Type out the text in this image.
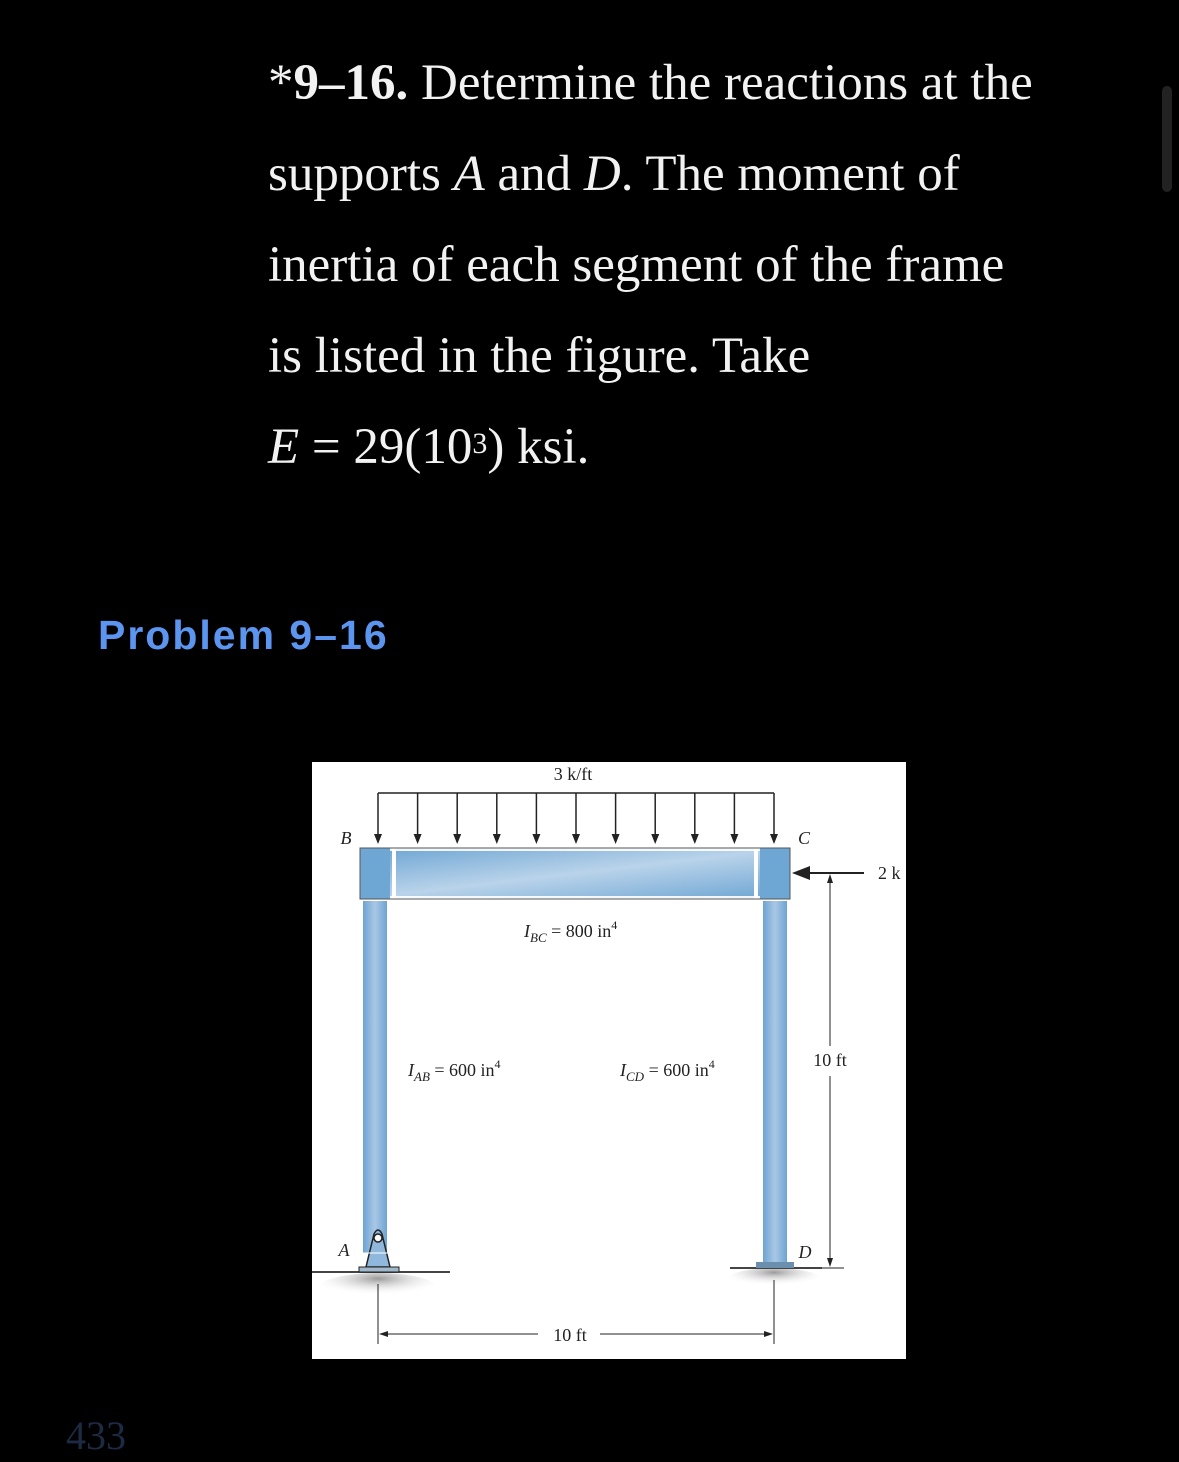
*9–16. Determine the reactions at the
supports A and D. The moment of
inertia of each segment of the frame
is listed in the figure. Take
$E = 29(10^3)$ ksi.
Problem 9–16
3 k/ft
B	C
A	D
2 k
$I_{BC} = 800$ $in^4$
$I_{AB} = 600$ $in^4$	$I_{CD} = 600$ $in^4$	10 ft
10 ft
433
